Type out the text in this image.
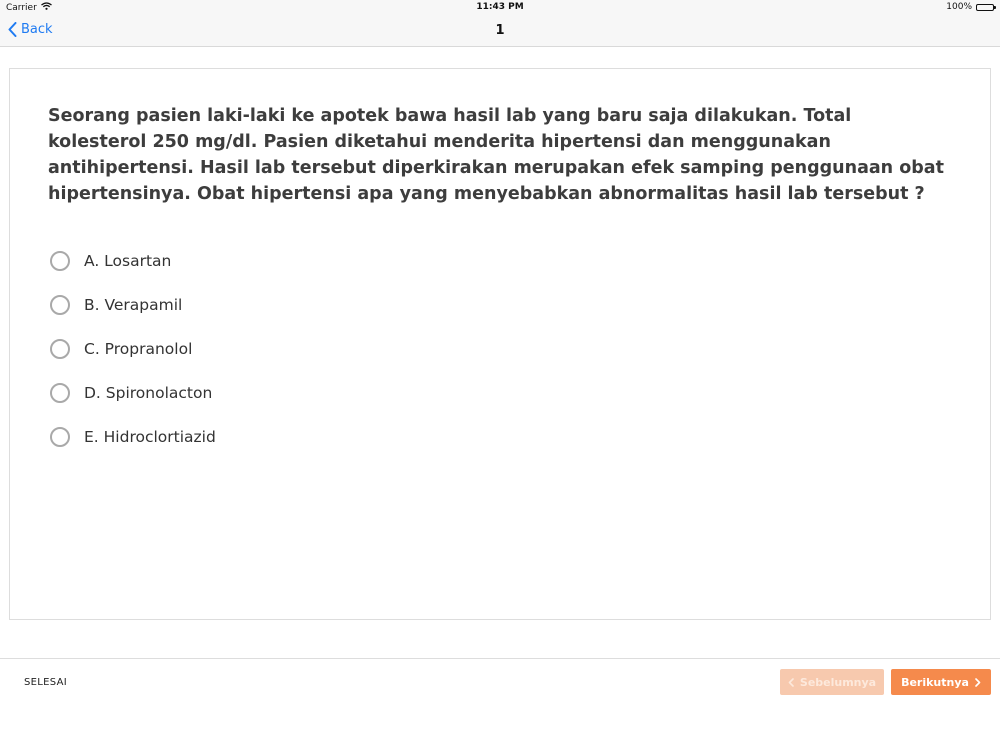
Carrier	11:43 PM	100%
Back	1
Seorang pasien laki-laki ke apotek bawa hasil lab yang baru saja dilakukan. Total kolesterol 250 mg/dl. Pasien diketahui menderita hipertensi dan menggunakan antihipertensi. Hasil lab tersebut diperkirakan merupakan efek samping penggunaan obat hipertensinya. Obat hipertensi apa yang menyebabkan abnormalitas hasil lab tersebut ?
A. Losartan
B. Verapamil
C. Propranolol
D. Spironolacton
E. Hidroclortiazid
SELESAI	Sebelumnya Berikutnya
